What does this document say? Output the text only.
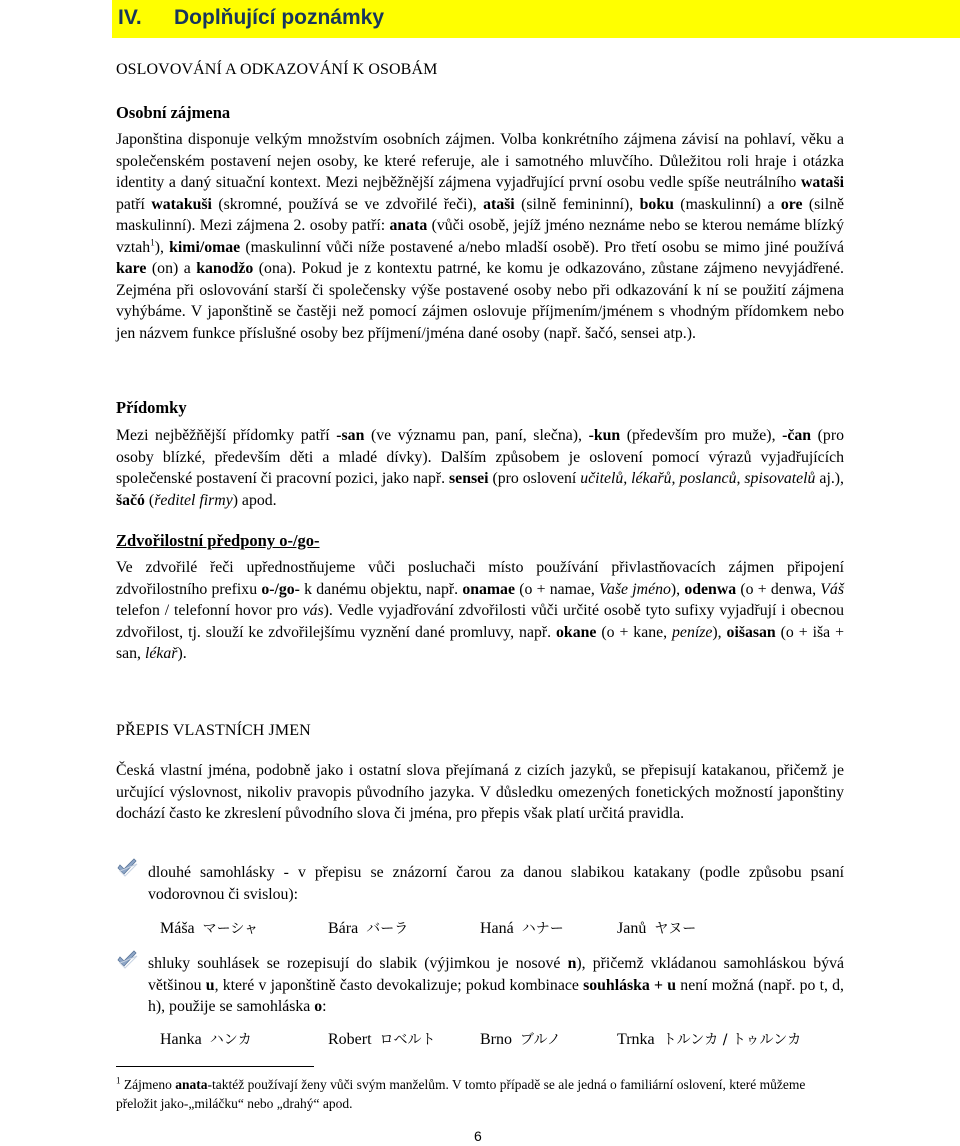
IV. Doplňující poznámky
OSLOVOVÁNÍ A ODKAZOVÁNÍ K OSOBÁM
Osobní zájmena
Japonština disponuje velkým množstvím osobních zájmen. Volba konkrétního zájmena závisí na pohlaví, věku a společenském postavení nejen osoby, ke které referuje, ale i samotného mluvčího. Důležitou roli hraje i otázka identity a daný situační kontext. Mezi nejběžnější zájmena vyjadřující první osobu vedle spíše neutrálního wataši patří watakuši (skromné, používá se ve zdvořilé řeči), ataši (silně femininní), boku (maskulinní) a ore (silně maskulinní). Mezi zájmena 2. osoby patří: anata (vůči osobě, jejíž jméno neznáme nebo se kterou nemáme blízký vztah$^1$), kimi/omae (maskulinní vůči níže postavené a/nebo mladší osobě). Pro třetí osobu se mimo jiné používá kare (on) a kanodžo (ona). Pokud je z kontextu patrné, ke komu je odkazováno, zůstane zájmeno nevyjádřené. Zejména při oslovování starší či společensky výše postavené osoby nebo při odkazování k ní se použití zájmena vyhýbáme. V japonštině se častěji než pomocí zájmen oslovuje příjmením/jménem s vhodným přídomkem nebo jen názvem funkce příslušné osoby bez příjmení/jména dané osoby (např. šačó, sensei atp.).
Přídomky
Mezi nejběžňější přídomky patří -san (ve významu pan, paní, slečna), -kun (především pro muže), -čan (pro osoby blízké, především děti a mladé dívky). Dalším způsobem je oslovení pomocí výrazů vyjadřujících společenské postavení či pracovní pozici, jako např. sensei (pro oslovení učitelů, lékařů, poslanců, spisovatelů aj.), šačó (ředitel firmy) apod.
Zdvořilostní předpony o-/go-
Ve zdvořilé řeči upřednostňujeme vůči posluchači místo používání přivlastňovacích zájmen připojení zdvořilostního prefixu o-/go- k danému objektu, např. onamae (o + namae, Vaše jméno), odenwa (o + denwa, Váš telefon / telefonní hovor pro vás). Vedle vyjadřování zdvořilosti vůči určité osobě tyto sufixy vyjadřují i obecnou zdvořilost, tj. slouží ke zdvořilejšímu vyznění dané promluvy, např. okane (o + kane, peníze), oišasan (o + iša + san, lékař).
PŘEPIS VLASTNÍCH JMEN
Česká vlastní jména, podobně jako i ostatní slova přejímaná z cizích jazyků, se přepisují katakanou, přičemž je určující výslovnost, nikoliv pravopis původního jazyka. V důsledku omezených fonetických možností japonštiny dochází často ke zkreslení původního slova či jména, pro přepis však platí určitá pravidla.
dlouhé samohlásky - v přepisu se znázorní čarou za danou slabikou katakany (podle způsobu psaní vodorovnou či svislou):
Máša マーシャ	Bára バーラ	Haná ハナー	Janů ヤヌー
shluky souhlásek se rozepisují do slabik (výjimkou je nosové n), přičemž vkládanou samohláskou bývá většinou u, které v japonštině často devokalizuje; pokud kombinace souhláska + u není možná (např. po t, d, h), použije se samohláska o:
Hanka ハンカ	Robert ロベルト	Brno ブルノ	Trnka トルンカ / トゥルンカ
$^1$ Zájmeno anata-taktéž používají ženy vůči svým manželům. V tomto případě se ale jedná o familiární oslovení, které můžeme přeložit jako-„miláčku“ nebo „drahý“ apod.
6
